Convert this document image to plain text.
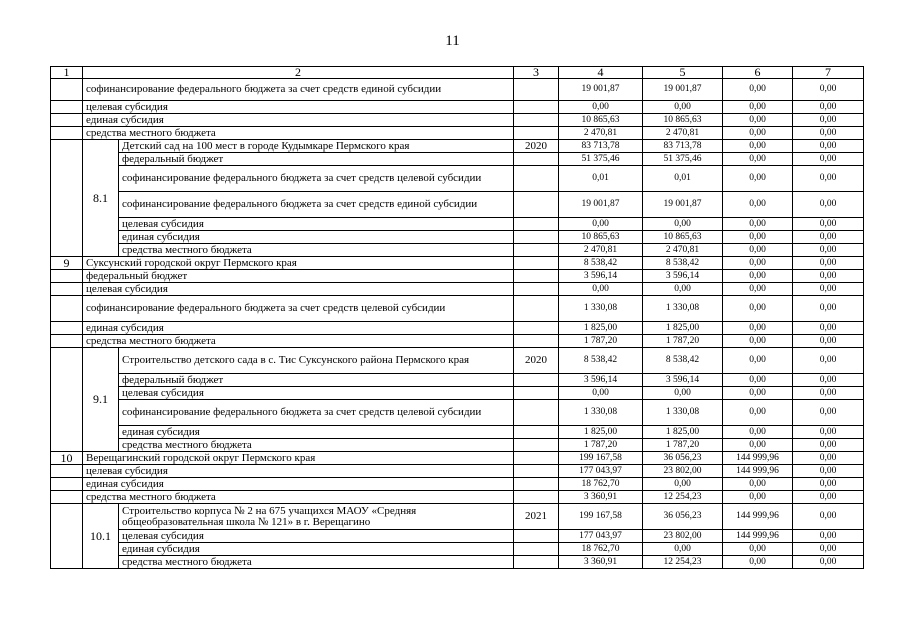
11
1	2		3	4	5	6	7
	софинансирование федерального бюджета за счет средств единой субсидии			19 001,87	19 001,87	0,00	0,00
	целевая субсидия			0,00	0,00	0,00	0,00
	единая субсидия			10 865,63	10 865,63	0,00	0,00
	средства местного бюджета			2 470,81	2 470,81	0,00	0,00
	8.1	Детский сад на 100 мест в городе Кудымкаре Пермского края	2020	83 713,78	83 713,78	0,00	0,00
		федеральный бюджет		51 375,46	51 375,46	0,00	0,00
		софинансирование федерального бюджета за счет средств целевой субсидии		0,01	0,01	0,00	0,00
		софинансирование федерального бюджета за счет средств единой субсидии		19 001,87	19 001,87	0,00	0,00
		целевая субсидия		0,00	0,00	0,00	0,00
		единая субсидия		10 865,63	10 865,63	0,00	0,00
		средства местного бюджета		2 470,81	2 470,81	0,00	0,00
9	Суксунский городской округ Пермского края			8 538,42	8 538,42	0,00	0,00
	федеральный бюджет			3 596,14	3 596,14	0,00	0,00
	целевая субсидия			0,00	0,00	0,00	0,00
	софинансирование федерального бюджета за счет средств целевой субсидии			1 330,08	1 330,08	0,00	0,00
	единая субсидия			1 825,00	1 825,00	0,00	0,00
	средства местного бюджета			1 787,20	1 787,20	0,00	0,00
	9.1	Строительство детского сада в с. Тис Суксунского района Пермского края	2020	8 538,42	8 538,42	0,00	0,00
		федеральный бюджет		3 596,14	3 596,14	0,00	0,00
		целевая субсидия		0,00	0,00	0,00	0,00
		софинансирование федерального бюджета за счет средств целевой субсидии		1 330,08	1 330,08	0,00	0,00
		единая субсидия		1 825,00	1 825,00	0,00	0,00
		средства местного бюджета		1 787,20	1 787,20	0,00	0,00
10	Верещагинский городской округ Пермского края			199 167,58	36 056,23	144 999,96	0,00
	целевая субсидия			177 043,97	23 802,00	144 999,96	0,00
	единая субсидия			18 762,70	0,00	0,00	0,00
	средства местного бюджета			3 360,91	12 254,23	0,00	0,00
	10.1	Строительство корпуса № 2 на 675 учащихся МАОУ «Средняя общеобразовательная школа № 121» в г. Верещагино	2021	199 167,58	36 056,23	144 999,96	0,00
		целевая субсидия		177 043,97	23 802,00	144 999,96	0,00
		единая субсидия		18 762,70	0,00	0,00	0,00
		средства местного бюджета		3 360,91	12 254,23	0,00	0,00
